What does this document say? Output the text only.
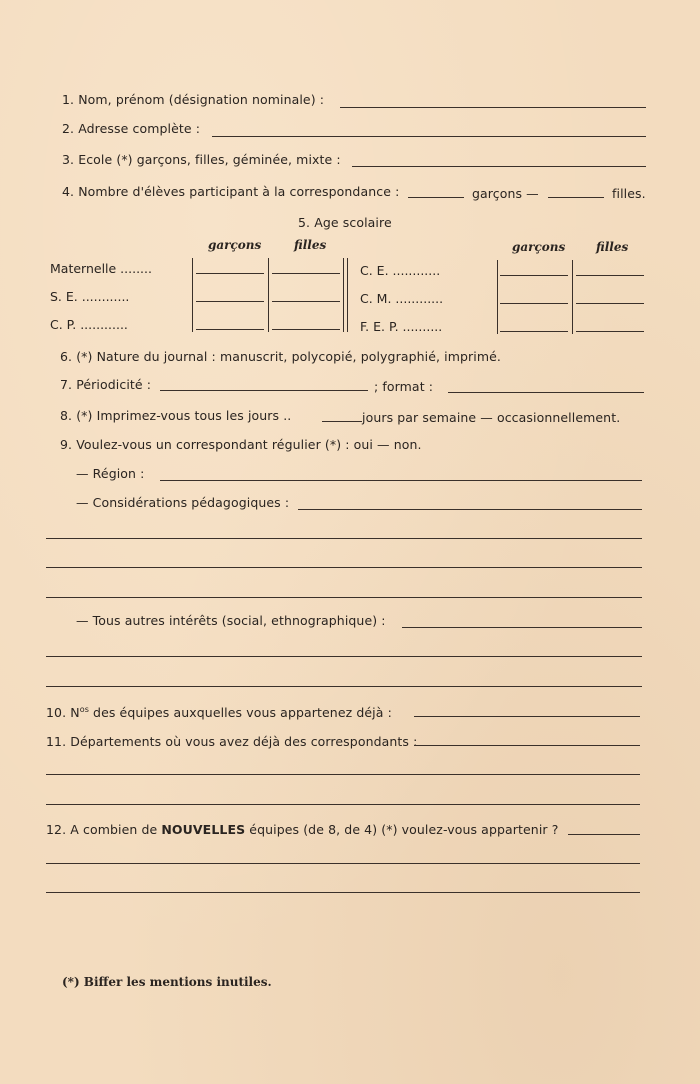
1. Nom, prénom (désignation nominale) :
2. Adresse complète :
3. Ecole (*) garçons, filles, géminée, mixte :
4. Nombre d'élèves participant à la correspondance :	garçons —	filles.
5. Age scolaire
garçons	filles	garçons	filles
Maternelle ........
S. E. ............
C. P. ............
C. E. ............
C. M. ............
F. E. P. ..........
6. (*) Nature du journal : manuscrit, polycopié, polygraphié, imprimé.
7. Périodicité :	; format :
8. (*) Imprimez-vous tous les jours ..	jours par semaine — occasionnellement.
9. Voulez-vous un correspondant régulier (*) : oui — non.
— Région :
— Considérations pédagogiques :
— Tous autres intérêts (social, ethnographique) :
10. $N^{os}$ des équipes auxquelles vous appartenez déjà :
11. Départements où vous avez déjà des correspondants :
12. A combien de NOUVELLES équipes (de 8, de 4) (*) voulez-vous appartenir ?
(*) Biffer les mentions inutiles.
